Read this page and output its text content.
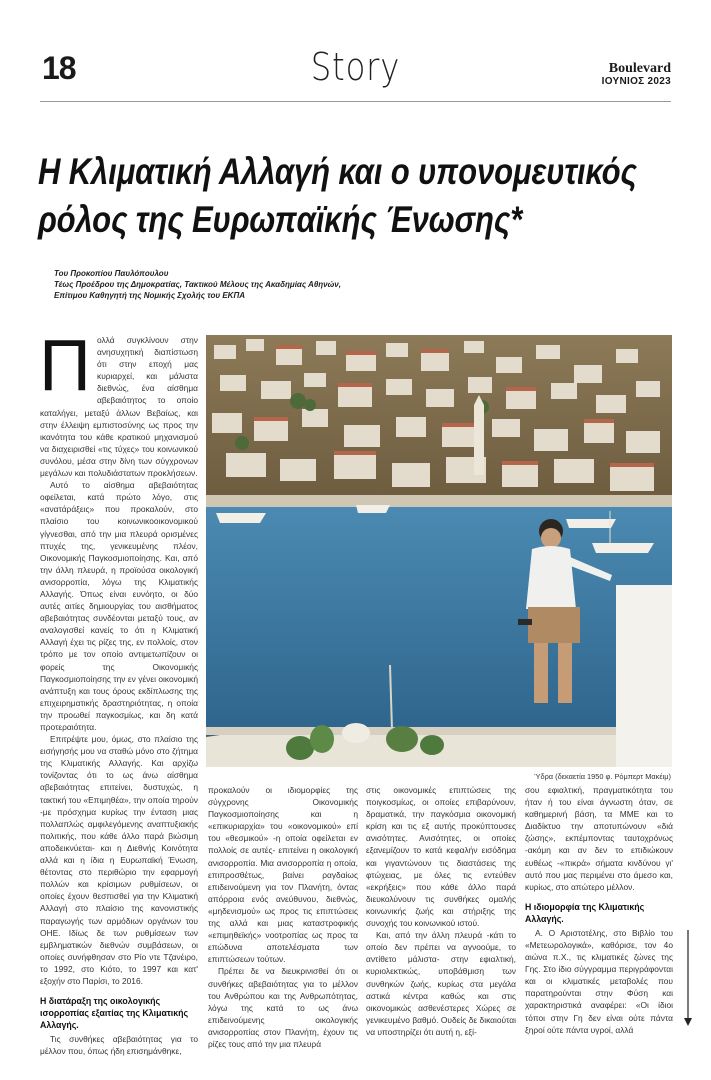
18	Story	Boulevard
ΙΟΥΝΙΟΣ 2023
Η Κλιματική Αλλαγή και ο υπονομευτικός
ρόλος της Ευρωπαϊκής Ένωσης*
Του Προκοπίου Παυλόπουλου
Τέως Προέδρου της Δημοκρατίας, Τακτικού Μέλους της Ακαδημίας Αθηνών,
Επίτιμου Καθηγητή της Νομικής Σχολής του ΕΚΠΑ

Πολλά συγκλίνουν στην ανησυχητική διαπίστωση ότι στην εποχή μας κυριαρχεί, και μάλιστα διεθνώς, ένα αίσθημα αβεβαιότητος το οποίο καταλήγει, μεταξύ άλλων Βεβαίως, και στην έλλειψη εμπιστοσύνης ως προς την ικανότητα του κάθε κρατικού μηχανισμού να διαχειρισθεί «τις τύχες» του κοινωνικού συνόλου, μέσα στην δίνη των σύγχρονων μεγάλων και πολυδιάστατων προκλήσεων.

Αυτό το αίσθημα αβεβαιότητας οφείλεται, κατά πρώτο λόγο, στις «ανατάράξεις» που προκαλούν, στο πλαίσιο του κοινωνικοοικονομικού γίγνεσθαι, από την μια πλευρά ορισμένες πτυχές της, γενικευμένης πλέον, Οικονομικής Παγκοσμιοποίησης. Και, από την άλλη πλευρά, η προϊούσα οικολογική ανισορροπία, λόγω της Κλιματικής Αλλαγής. Όπως είναι ευνόητο, οι δύο αυτές αιτίες δημιουργίας του αισθήματος αβεβαιότητας συνδέονται μεταξύ τους, αν αναλογισθεί κανείς το ότι η Κλιματική Αλλαγή έχει τις ρίζες της, εν πολλοίς, στον τρόπο με τον οποίο αντιμετωπίζουν οι φορείς της Οικονομικής Παγκοσμιοποίησης την εν γένει οικονομική ανάπτυξη και τους όρους εκδίπλωσης της επιχειρηματικής δραστηριότητας, η οποία την προωθεί παγκοσμίως, και δη κατά προτεραιότητα.

Επιτρέψτε μου, όμως, στο πλαίσιο της εισήγησής μου να σταθώ μόνο στο ζήτημα της Κλιματικής Αλλαγής. Και αρχίζω τονίζοντας ότι το ως άνω αίσθημα αβεβαιότητας επιτείνει, δυστυχώς, η τακτική του «Επιμηθέα», την οποία τηρούν -με πρόσχημα κυρίως την ένταση μιας πολλαπλώς αμφιλεγόμενης αναπτυξιακής πολιτικής, που κάθε άλλο παρά βιώσιμη αποδεικνύεται- και η Διεθνής Κοινότητα αλλά και η ίδια η Ευρωπαϊκή Ένωση, θέτοντας στο περιθώριο την εφαρμογή πολλών και κρίσιμων ρυθμίσεων, οι οποίες έχουν θεσπισθεί για την Κλιματική Αλλαγή στο πλαίσιο της κανονιστικής παραγωγής των αρμόδιων οργάνων του ΟΗΕ. Ιδίως δε των ρυθμίσεων των εμβληματικών διεθνών συμβάσεων, οι οποίες συνήφθησαν στο Ρίο ντε Τζανέιρο, το 1992, στο Κιότο, το 1997 και κατ' εξοχήν στο Παρίσι, το 2016.

Η διατάραξη της οικολογικής ισορροπίας εξαιτίας της Κλιματικής Αλλαγής.

Τις συνθήκες αβεβαιότητας για το μέλλον που, όπως ήδη επισημάνθηκε,

Ύδρα (δεκαετία 1950 φ. Ρόμπερτ Μακέιμ)

προκαλούν οι ιδιομορφίες της σύγχρονης Οικονομικής Παγκοσμιοποίησης και η «επικυριαρχία» του «οικονομικού» επί του «θεσμικού» -η οποία οφείλεται εν πολλοίς σε αυτές- επιτείνει η οικολογική ανισορροπία. Μια ανισορροπία η οποία, επιπροσθέτως, βαίνει ραγδαίως επιδεινούμενη για τον Πλανήτη, όντας απόρροια ενός ανεύθυνου, διεθνώς, «μηδενισμού» ως προς τις επιπτώσεις της αλλά και μιας καταστροφικής «επιμηθεϊκής» νοοτροπίας ως προς τα επώδυνα αποτελέσματα των επιπτώσεων τούτων.

Πρέπει δε να διευκρινισθεί ότι οι συνθήκες αβεβαιότητας για το μέλλον του Ανθρώπου και της Ανθρωπότητας, λόγω της κατά το ως άνω επιδεινούμενης οικολογικής ανισορροπίας στον Πλανήτη, έχουν τις ρίζες τους από την μια πλευρά

στις οικονομικές επιπτώσεις της ποιγκοσμίως, οι οποίες επιβαρύνουν, δραματικά, την παγκόσμια οικονομική κρίση και τις εξ αυτής προκύπτουσες ανισότητες. Ανισότητες, οι οποίες εξανεμίζουν το κατά κεφαλήν εισόδημα και γιγαντώνουν τις διαστάσεις της φτώχειας, με όλες τις εντεύθεν «εκρήξεις» που κάθε άλλο παρά διευκολύνουν τις συνθήκες ομαλής κοινωνικής ζωής και στήριξης της συνοχής του κοινωνικού ιστού.

Και, από την άλλη πλευρά -κάτι το οποίο δεν πρέπει να αγνοούμε, το αντίθετο μάλιστα- στην εφιαλτική, κυριολεκτικώς, υποβάθμιση των συνθηκών ζωής, κυρίως στα μεγάλα αστικά κέντρα καθώς και στις οικονομικώς ασθενέστερες Χώρες σε γενικευμένο βαθμό. Ουδείς δε δικαιούται να υποστηρίζει ότι αυτή η, εξί-

σου εφιαλτική, πραγματικότητα του ήταν ή του είναι άγνωστη όταν, σε καθημερινή βάση, τα ΜΜΕ και το Διαδίκτυο την αποτυπώνουν «διά ζώσης», εκπέμποντας ταυτοχρόνως -ακόμη και αν δεν το επιδιώκουν ευθέως -«πικρά» σήματα κινδύνου γι' αυτό που μας περιμένει στο άμεσο και, κυρίως, στο απώτερο μέλλον.

Η ιδιομορφία της Κλιματικής Αλλαγής.

Α. Ο Αριστοτέλης, στο Βιβλίο του «Μετεωρολογικά», καθόρισε, τον 4ο αιώνα π.Χ., τις κλιματικές ζώνες της Γης. Στο ίδιο σύγγραμμα περιγράφονται και οι κλιματικές μεταβολές που παρατηρούνται στην Φύση και χαρακτηριστικά αναφέρει: «Οι ίδιοι τόποι στην Γη δεν είναι ούτε πάντα ξηροί ούτε πάντα υγροί, αλλά
